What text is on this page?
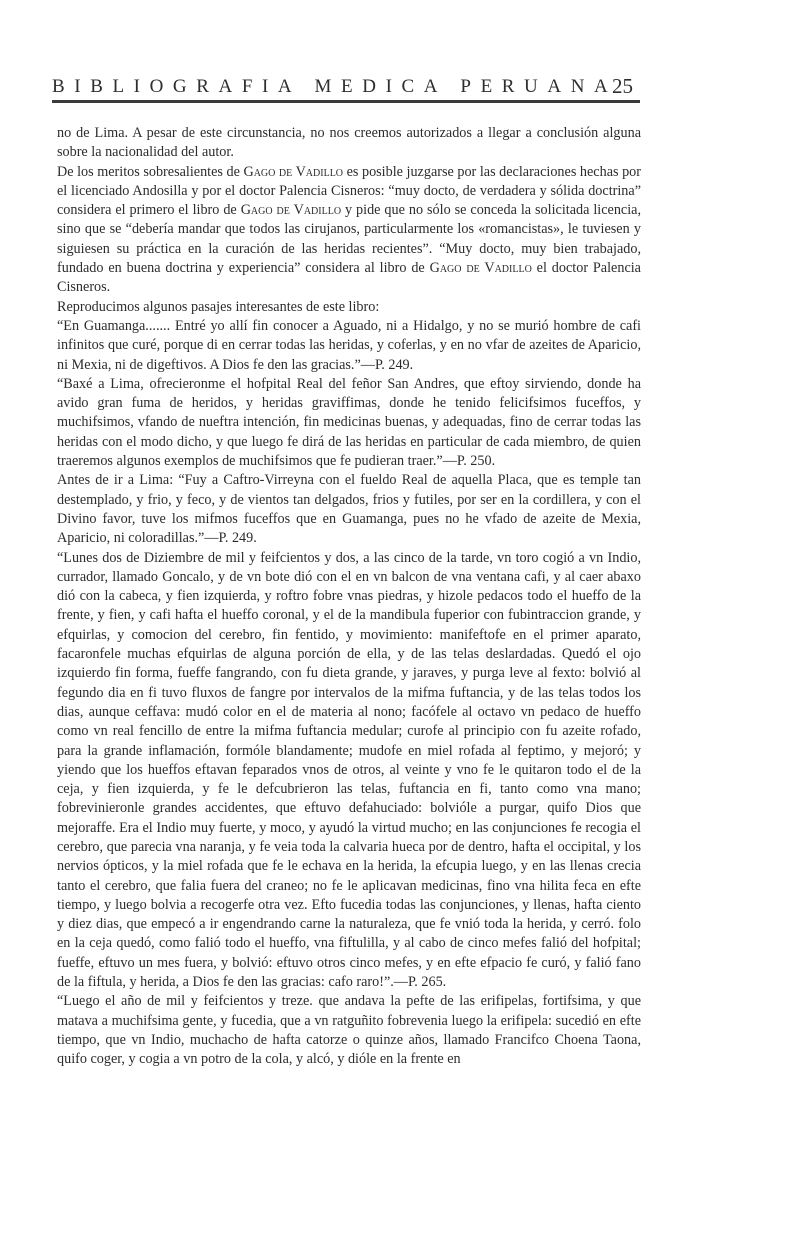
BIBLIOGRAFIA MEDICA PERUANA
25

no de Lima. A pesar de este circunstancia, no nos creemos autorizados a llegar a conclusión alguna sobre la nacionalidad del autor.
De los meritos sobresalientes de Gago de Vadillo es posible juzgarse por las declaraciones hechas por el licenciado Andosilla y por el doctor Palencia Cisneros: “muy docto, de verdadera y sólida doctrina” considera el primero el libro de Gago de Vadillo y pide que no sólo se conceda la solicitada licencia, sino que se “debería mandar que todos las cirujanos, particularmente los «romancistas», le tuviesen y siguiesen su práctica en la curación de las heridas recientes”. “Muy docto, muy bien trabajado, fundado en buena doctrina y experiencia” considera al libro de Gago de Vadillo el doctor Palencia Cisneros.

Reproducimos algunos pasajes interesantes de este libro:

“En Guamanga....... Entré yo allí fin conocer a Aguado, ni a Hidalgo, y no se murió hombre de cafi infinitos que curé, porque di en cerrar todas las heridas, y coferlas, y en no vfar de azeites de Aparicio, ni Mexia, ni de digeftivos. A Dios fe den las gracias.”—P. 249.

“Baxé a Lima, ofrecieronme el hofpital Real del feñor San Andres, que eftoy sirviendo, donde ha avido gran fuma de heridos, y heridas graviffimas, donde he tenido felicifsimos fuceffos, y muchifsimos, vfando de nueftra intención, fin medicinas buenas, y adequadas, fino de cerrar todas las heridas con el modo dicho, y que luego fe dirá de las heridas en particular de cada miembro, de quien traeremos algunos exemplos de muchifsimos que fe pudieran traer.”—P. 250.

Antes de ir a Lima: “Fuy a Caftro-Virreyna con el fueldo Real de aquella Placa, que es temple tan destemplado, y frio, y feco, y de vientos tan delgados, frios y futiles, por ser en la cordillera, y con el Divino favor, tuve los mifmos fuceffos que en Guamanga, pues no he vfado de azeite de Mexia, Aparicio, ni coloradillas.”—P. 249.

“Lunes dos de Diziembre de mil y feifcientos y dos, a las cinco de la tarde, vn toro cogió a vn Indio, currador, llamado Goncalo, y de vn bote dió con el en vn balcon de vna ventana cafi, y al caer abaxo dió con la cabeca, y fien izquierda, y roftro fobre vnas piedras, y hizole pedacos todo el hueffo de la frente, y fien, y cafi hafta el hueffo coronal, y el de la mandibula fuperior con fubintraccion grande, y efquirlas, y comocion del cerebro, fin fentido, y movimiento: manifeftofe en el primer aparato, facaronfele muchas efquirlas de alguna porción de ella, y de las telas deslardadas. Quedó el ojo izquierdo fin forma, fueffe fangrando, con fu dieta grande, y jaraves, y purga leve al fexto: bolvió al fegundo dia en fi tuvo fluxos de fangre por intervalos de la mifma fuftancia, y de las telas todos los dias, aunque ceffava: mudó color en el de materia al nono; facófele al octavo vn pedaco de hueffo como vn real fencillo de entre la mifma fuftancia medular; curofe al principio con fu azeite rofado, para la grande inflamación, formóle blandamente; mudofe en miel rofada al feptimo, y mejoró; y yiendo que los hueffos eftavan feparados vnos de otros, al veinte y vno fe le quitaron todo el de la ceja, y fien izquierda, y fe le defcubrieron las telas, fuftancia en fi, tanto como vna mano; fobrevinieronle grandes accidentes, que eftuvo defahuciado: bolvióle a purgar, quifo Dios que mejoraffe. Era el Indio muy fuerte, y moco, y ayudó la virtud mucho; en las conjunciones fe recogia el cerebro, que parecia vna naranja, y fe veia toda la calvaria hueca por de dentro, hafta el occipital, y los nervios ópticos, y la miel rofada que fe le echava en la herida, la efcupia luego, y en las llenas crecia tanto el cerebro, que falia fuera del craneo; no fe le aplicavan medicinas, fino vna hilita feca en efte tiempo, y luego bolvia a recogerfe otra vez. Efto fucedia todas las conjunciones, y llenas, hafta ciento y diez dias, que empecó a ir engendrando carne la naturaleza, que fe vnió toda la herida, y cerró. folo en la ceja quedó, como falió todo el hueffo, vna fiftulilla, y al cabo de cinco mefes falió del hofpital; fueffe, eftuvo un mes fuera, y bolvió: eftuvo otros cinco mefes, y en efte efpacio fe curó, y falió fano de la fiftula, y herida, a Dios fe den las gracias: cafo raro!”.—P. 265.

“Luego el año de mil y feifcientos y treze. que andava la pefte de las erifipelas, fortifsima, y que matava a muchifsima gente, y fucedia, que a vn ratguñito fobrevenia luego la erifipela: sucedió en efte tiempo, que vn Indio, muchacho de hafta catorze o quinze años, llamado Francifco Choena Taona, quifo coger, y cogia a vn potro de la cola, y alcó, y dióle en la frente en
